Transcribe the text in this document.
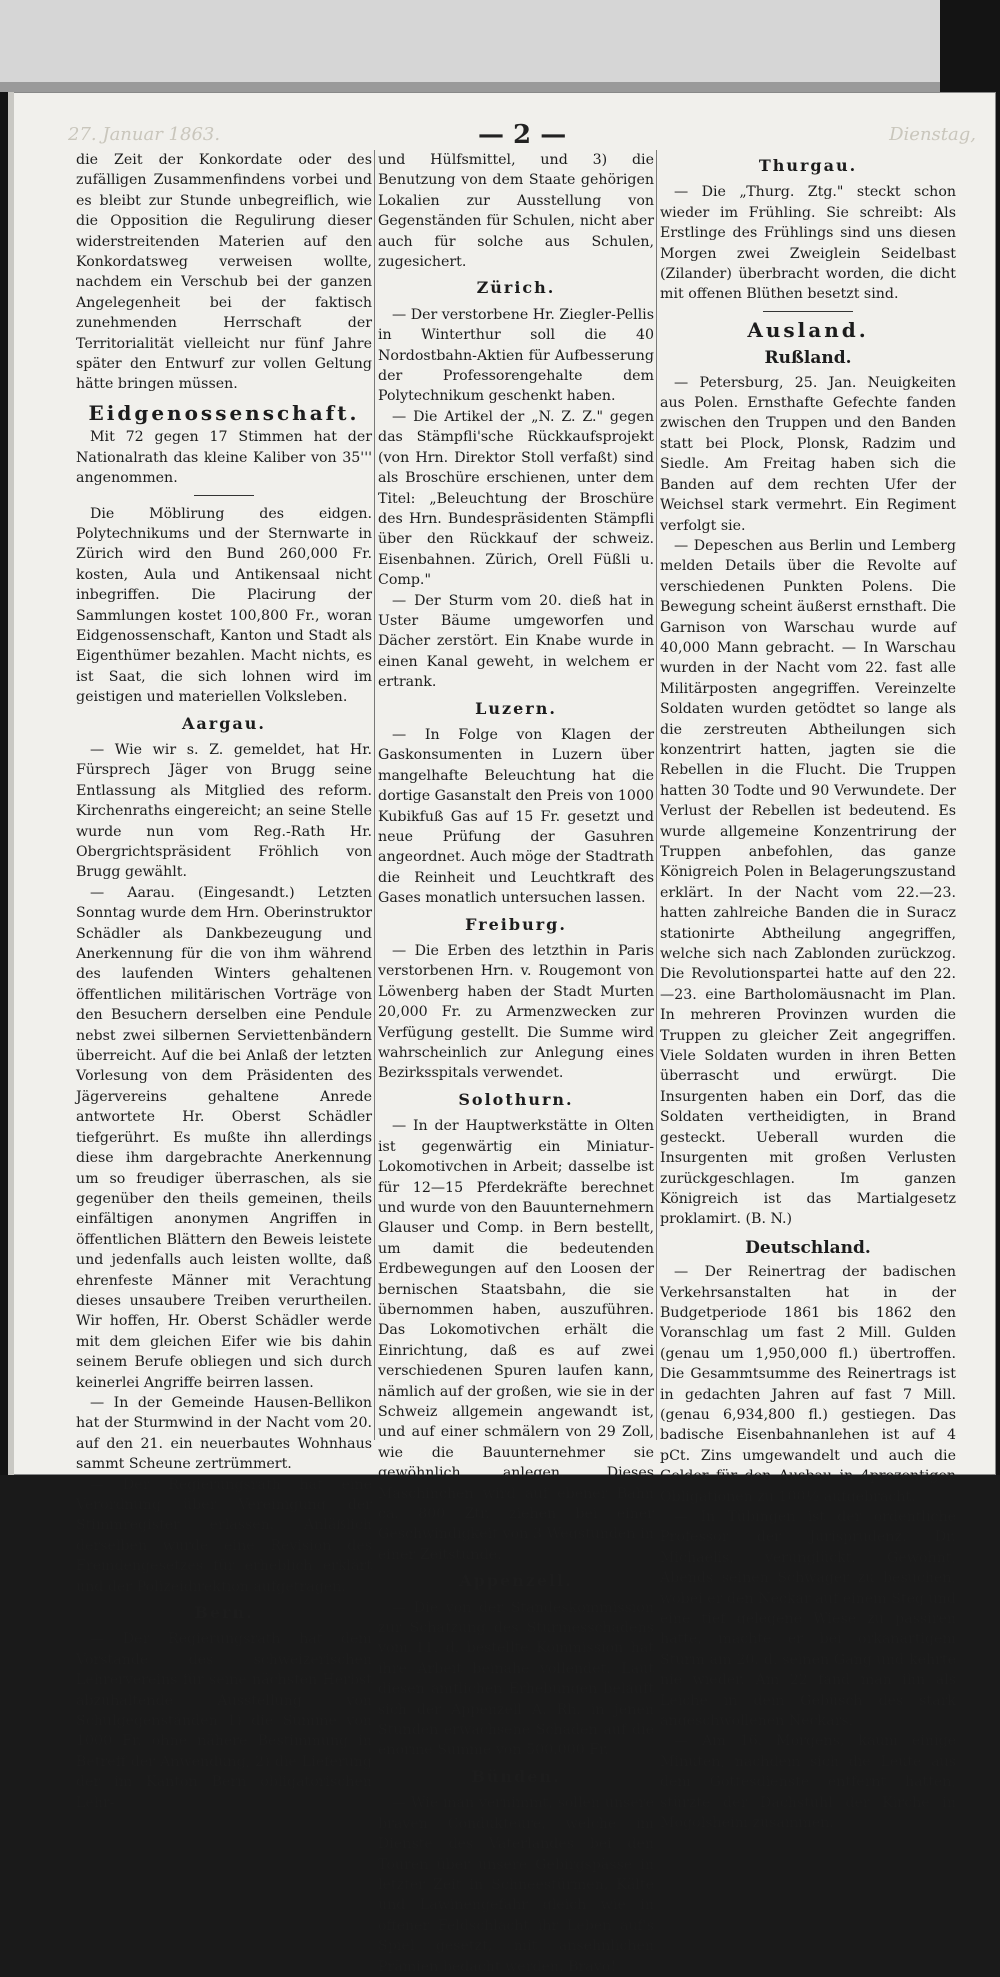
27. Januar 1863.	— 2 —	Dienstag,

die Zeit der Konkordate oder des zufälligen Zusammenfindens vorbei und es bleibt zur Stunde unbegreiflich, wie die Opposition die Regulirung dieser widerstreitenden Materien auf den Konkordatsweg verweisen wollte, nachdem ein Verschub bei der ganzen Angelegenheit bei der faktisch zunehmenden Herrschaft der Territorialität vielleicht nur fünf Jahre später den Entwurf zur vollen Geltung hätte bringen müssen.

Eidgenossenschaft.

Mit 72 gegen 17 Stimmen hat der Nationalrath das kleine Kaliber von 35''' angenommen.

Die Möblirung des eidgen. Polytechnikums und der Sternwarte in Zürich wird den Bund 260,000 Fr. kosten, Aula und Antikensaal nicht inbegriffen. Die Placirung der Sammlungen kostet 100,800 Fr., woran Eidgenossenschaft, Kanton und Stadt als Eigenthümer bezahlen. Macht nichts, es ist Saat, die sich lohnen wird im geistigen und materiellen Volksleben.

Aargau.

— Wie wir s. Z. gemeldet, hat Hr. Fürsprech Jäger von Brugg seine Entlassung als Mitglied des reform. Kirchenraths eingereicht; an seine Stelle wurde nun vom Reg.-Rath Hr. Obergrichtspräsident Fröhlich von Brugg gewählt.

— Aarau. (Eingesandt.) Letzten Sonntag wurde dem Hrn. Oberinstruktor Schädler als Dankbezeugung und Anerkennung für die von ihm während des laufenden Winters gehaltenen öffentlichen militärischen Vorträge von den Besuchern derselben eine Pendule nebst zwei silbernen Serviettenbändern überreicht. Auf die bei Anlaß der letzten Vorlesung von dem Präsidenten des Jägervereins gehaltene Anrede antwortete Hr. Oberst Schädler tiefgerührt. Es mußte ihn allerdings diese ihm dargebrachte Anerkennung um so freudiger überraschen, als sie gegenüber den theils gemeinen, theils einfältigen anonymen Angriffen in öffentlichen Blättern den Beweis leistete und jedenfalls auch leisten wollte, daß ehrenfeste Männer mit Verachtung dieses unsaubere Treiben verurtheilen. Wir hoffen, Hr. Oberst Schädler werde mit dem gleichen Eifer wie bis dahin seinem Berufe obliegen und sich durch keinerlei Angriffe beirren lassen.

— In der Gemeinde Hausen-Bellikon hat der Sturmwind in der Nacht vom 20. auf den 21. ein neuerbautes Wohnhaus sammt Scheune zertrümmert.

— Der Regierungsrath hat eine Verordnung über Vereinigung der Stimmregister erlassen. Anläßlich derselben wurde eine Revision des Fremdengesetzes für erheblich erklärt und der Polizeidirektion aufgetragen.

Bern.

— Der Regierungsrath hat dem Vorstande des schweizerischen Lehrervereins für seine nächsten Herbst abzuhaltende Ausstellung von Schulgegenständen 1) die Summe von 1000 Fr. ohne nähere Bestimmung in Betreff der Anwendung, 2) die Lieferung der im Kanton Bern obligatorischen Lehr-

und Hülfsmittel, und 3) die Benutzung von dem Staate gehörigen Lokalien zur Ausstellung von Gegenständen für Schulen, nicht aber auch für solche aus Schulen, zugesichert.

Zürich.

— Der verstorbene Hr. Ziegler-Pellis in Winterthur soll die 40 Nordostbahn-Aktien für Aufbesserung der Professorengehalte dem Polytechnikum geschenkt haben.

— Die Artikel der „N. Z. Z." gegen das Stämpfli'sche Rückkaufsprojekt (von Hrn. Direktor Stoll verfaßt) sind als Broschüre erschienen, unter dem Titel: „Beleuchtung der Broschüre des Hrn. Bundespräsidenten Stämpfli über den Rückkauf der schweiz. Eisenbahnen. Zürich, Orell Füßli u. Comp."

— Der Sturm vom 20. dieß hat in Uster Bäume umgeworfen und Dächer zerstört. Ein Knabe wurde in einen Kanal geweht, in welchem er ertrank.

Luzern.

— In Folge von Klagen der Gaskonsumenten in Luzern über mangelhafte Beleuchtung hat die dortige Gasanstalt den Preis von 1000 Kubikfuß Gas auf 15 Fr. gesetzt und neue Prüfung der Gasuhren angeordnet. Auch möge der Stadtrath die Reinheit und Leuchtkraft des Gases monatlich untersuchen lassen.

Freiburg.

— Die Erben des letzthin in Paris verstorbenen Hrn. v. Rougemont von Löwenberg haben der Stadt Murten 20,000 Fr. zu Armenzwecken zur Verfügung gestellt. Die Summe wird wahrscheinlich zur Anlegung eines Bezirksspitals verwendet.

Solothurn.

— In der Hauptwerkstätte in Olten ist gegenwärtig ein Miniatur-Lokomotivchen in Arbeit; dasselbe ist für 12—15 Pferdekräfte berechnet und wurde von den Bauunternehmern Glauser und Comp. in Bern bestellt, um damit die bedeutenden Erdbewegungen auf den Loosen der bernischen Staatsbahn, die sie übernommen haben, auszuführen. Das Lokomotivchen erhält die Einrichtung, daß es auf zwei verschiedenen Spuren laufen kann, nämlich auf der großen, wie sie in der Schweiz allgemein angewandt ist, und auf einer schmälern von 29 Zoll, wie die Bauunternehmer sie gewöhnlich anlegen. Dieses Maschinchen wird auf ebener Bahn ca. 800 Ztr. ziehen bei einer Geschwindigkeit von 3 Wegstunden in einer Zeitstunde.

Appenzell.

— Die von der Standeskommission zur Schatzung des Sturmesschadens vom 11. d. bestellte Kommission hat ihre Arbeit beinahe vollendet. Laut diesen amtlichen Erhebungen beläuft sich der Appenzell A. Rh. in jenen Stunden erwachsene Schaden auf die enorme Summe von 500,000 Fr.

Bünden.

— Wie man vernimmt, sollen unsere braven Condukteure, welche im Dienste des Vaterlandes bei den Touren über unsere Gebirgspässe in letzter Zeit in Schneestürmen, Kälte und Lawinengefahr gleich wie in offener Feldschlacht ihr Leben auf's Spiel gesetzt, mit ansehnlichen Prämien bedacht werden. Bravo!

Thurgau.

— Die „Thurg. Ztg." steckt schon wieder im Frühling. Sie schreibt: Als Erstlinge des Frühlings sind uns diesen Morgen zwei Zweiglein Seidelbast (Zilander) überbracht worden, die dicht mit offenen Blüthen besetzt sind.

Ausland.
Rußland.

— Petersburg, 25. Jan. Neuigkeiten aus Polen. Ernsthafte Gefechte fanden zwischen den Truppen und den Banden statt bei Plock, Plonsk, Radzim und Siedle. Am Freitag haben sich die Banden auf dem rechten Ufer der Weichsel stark vermehrt. Ein Regiment verfolgt sie.

— Depeschen aus Berlin und Lemberg melden Details über die Revolte auf verschiedenen Punkten Polens. Die Bewegung scheint äußerst ernsthaft. Die Garnison von Warschau wurde auf 40,000 Mann gebracht. — In Warschau wurden in der Nacht vom 22. fast alle Militärposten angegriffen. Vereinzelte Soldaten wurden getödtet so lange als die zerstreuten Abtheilungen sich konzentrirt hatten, jagten sie die Rebellen in die Flucht. Die Truppen hatten 30 Todte und 90 Verwundete. Der Verlust der Rebellen ist bedeutend. Es wurde allgemeine Konzentrirung der Truppen anbefohlen, das ganze Königreich Polen in Belagerungszustand erklärt. In der Nacht vom 22.—23. hatten zahlreiche Banden die in Suracz stationirte Abtheilung angegriffen, welche sich nach Zablonden zurückzog. Die Revolutionspartei hatte auf den 22.—23. eine Bartholomäusnacht im Plan. In mehreren Provinzen wurden die Truppen zu gleicher Zeit angegriffen. Viele Soldaten wurden in ihren Betten überrascht und erwürgt. Die Insurgenten haben ein Dorf, das die Soldaten vertheidigten, in Brand gesteckt. Ueberall wurden die Insurgenten mit großen Verlusten zurückgeschlagen. Im ganzen Königreich ist das Martialgesetz proklamirt. (B. N.)

Deutschland.

— Der Reinertrag der badischen Verkehrsanstalten hat in der Budgetperiode 1861 bis 1862 den Voranschlag um fast 2 Mill. Gulden (genau um 1,950,000 fl.) übertroffen. Die Gesammtsumme des Reinertrags ist in gedachten Jahren auf fast 7 Mill. (genau 6,934,800 fl.) gestiegen. Das badische Eisenbahnanlehen ist auf 4 pCt. Zins umgewandelt und auch die Gelder für den Ausbau in 4prozentigen Obligationen zu 100½ aufgebracht.

— In Tübingen ist der ordentliche Professor der Jurisprudenz, Dr. Michaelis, verunglückt. Gewohnt, Abends seinen Schwager zu besuchen, wobei er den Neckar auf einem Steg und eine tief gelegene Wiese zu passiren hatte, machte er bei orkanartigem Sturm am 20. d. seinen Gang und kehrte nie wieder. Am 22 fand man ihn als Leiche in dem Gebüsch des stark angeschwollenen Neckars.

— Am 16. Morgens, kaum einige Minuten, nachdem sich die Leute aus dem Gottesdienste entfernt hatten, stürzte der Dachstuhl der Kirche in Mogolsheim zusammen.
